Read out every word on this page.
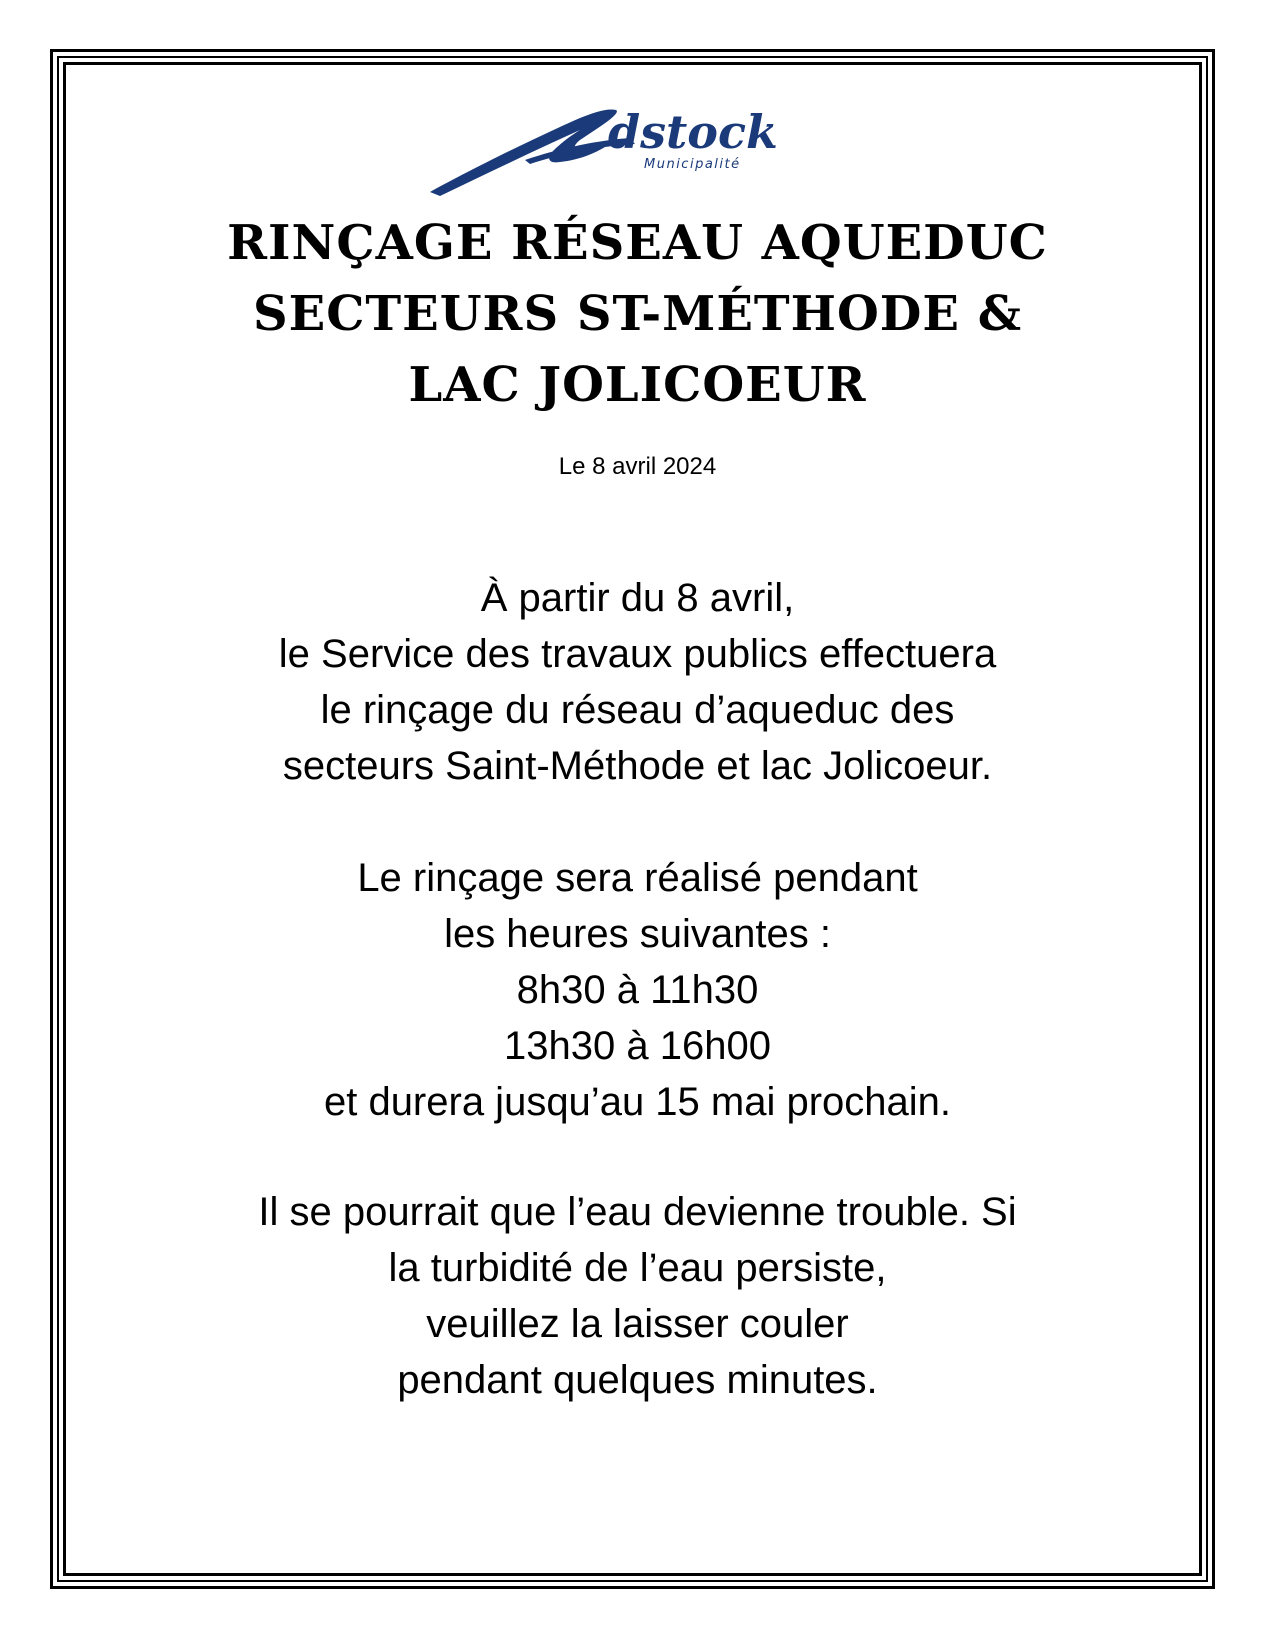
dstock
Municipalité
RINÇAGE RÉSEAU AQUEDUC
SECTEURS ST-MÉTHODE &
LAC JOLICOEUR
Le 8 avril 2024
À partir du 8 avril,
le Service des travaux publics effectuera
le rinçage du réseau d’aqueduc des
secteurs Saint-Méthode et lac Jolicoeur.
Le rinçage sera réalisé pendant
les heures suivantes :
8h30 à 11h30
13h30 à 16h00
et durera jusqu’au 15 mai prochain.
Il se pourrait que l’eau devienne trouble. Si
la turbidité de l’eau persiste,
veuillez la laisser couler
pendant quelques minutes.
